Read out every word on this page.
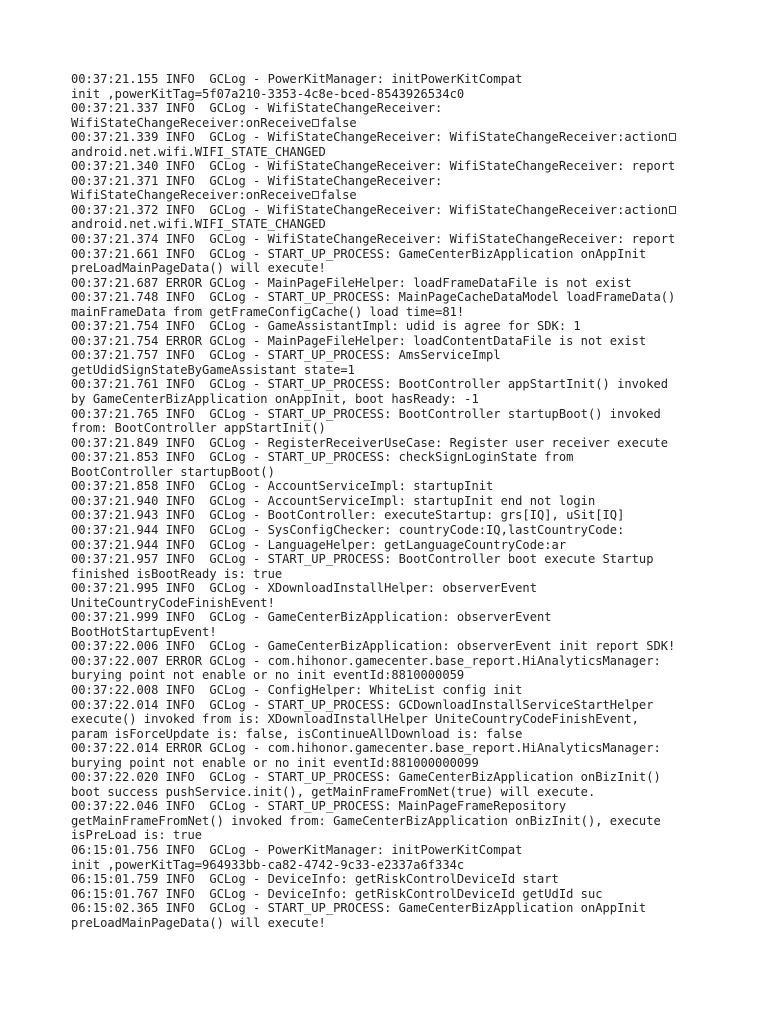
00:37:21.155 INFO  GCLog - PowerKitManager: initPowerKitCompat
init ,powerKitTag=5f07a210-3353-4c8e-bced-8543926534c0
00:37:21.337 INFO  GCLog - WifiStateChangeReceiver:
WifiStateChangeReceiver:onReceive false
00:37:21.339 INFO  GCLog - WifiStateChangeReceiver: WifiStateChangeReceiver:action
android.net.wifi.WIFI_STATE_CHANGED
00:37:21.340 INFO  GCLog - WifiStateChangeReceiver: WifiStateChangeReceiver: report
00:37:21.371 INFO  GCLog - WifiStateChangeReceiver:
WifiStateChangeReceiver:onReceive false
00:37:21.372 INFO  GCLog - WifiStateChangeReceiver: WifiStateChangeReceiver:action
android.net.wifi.WIFI_STATE_CHANGED
00:37:21.374 INFO  GCLog - WifiStateChangeReceiver: WifiStateChangeReceiver: report
00:37:21.661 INFO  GCLog - START_UP_PROCESS: GameCenterBizApplication onAppInit
preLoadMainPageData() will execute!
00:37:21.687 ERROR GCLog - MainPageFileHelper: loadFrameDataFile is not exist
00:37:21.748 INFO  GCLog - START_UP_PROCESS: MainPageCacheDataModel loadFrameData()
mainFrameData from getFrameConfigCache() load time=81!
00:37:21.754 INFO  GCLog - GameAssistantImpl: udid is agree for SDK: 1
00:37:21.754 ERROR GCLog - MainPageFileHelper: loadContentDataFile is not exist
00:37:21.757 INFO  GCLog - START_UP_PROCESS: AmsServiceImpl
getUdidSignStateByGameAssistant state=1
00:37:21.761 INFO  GCLog - START_UP_PROCESS: BootController appStartInit() invoked
by GameCenterBizApplication onAppInit, boot hasReady: -1
00:37:21.765 INFO  GCLog - START_UP_PROCESS: BootController startupBoot() invoked
from: BootController appStartInit()
00:37:21.849 INFO  GCLog - RegisterReceiverUseCase: Register user receiver execute
00:37:21.853 INFO  GCLog - START_UP_PROCESS: checkSignLoginState from
BootController startupBoot()
00:37:21.858 INFO  GCLog - AccountServiceImpl: startupInit
00:37:21.940 INFO  GCLog - AccountServiceImpl: startupInit end not login
00:37:21.943 INFO  GCLog - BootController: executeStartup: grs[IQ], uSit[IQ]
00:37:21.944 INFO  GCLog - SysConfigChecker: countryCode:IQ,lastCountryCode:
00:37:21.944 INFO  GCLog - LanguageHelper: getLanguageCountryCode:ar
00:37:21.957 INFO  GCLog - START_UP_PROCESS: BootController boot execute Startup
finished isBootReady is: true
00:37:21.995 INFO  GCLog - XDownloadInstallHelper: observerEvent
UniteCountryCodeFinishEvent!
00:37:21.999 INFO  GCLog - GameCenterBizApplication: observerEvent
BootHotStartupEvent!
00:37:22.006 INFO  GCLog - GameCenterBizApplication: observerEvent init report SDK!
00:37:22.007 ERROR GCLog - com.hihonor.gamecenter.base_report.HiAnalyticsManager:
burying point not enable or no init eventId:8810000059
00:37:22.008 INFO  GCLog - ConfigHelper: WhiteList config init
00:37:22.014 INFO  GCLog - START_UP_PROCESS: GCDownloadInstallServiceStartHelper
execute() invoked from is: XDownloadInstallHelper UniteCountryCodeFinishEvent,
param isForceUpdate is: false, isContinueAllDownload is: false
00:37:22.014 ERROR GCLog - com.hihonor.gamecenter.base_report.HiAnalyticsManager:
burying point not enable or no init eventId:881000000099
00:37:22.020 INFO  GCLog - START_UP_PROCESS: GameCenterBizApplication onBizInit()
boot success pushService.init(), getMainFrameFromNet(true) will execute.
00:37:22.046 INFO  GCLog - START_UP_PROCESS: MainPageFrameRepository
getMainFrameFromNet() invoked from: GameCenterBizApplication onBizInit(), execute
isPreLoad is: true
06:15:01.756 INFO  GCLog - PowerKitManager: initPowerKitCompat
init ,powerKitTag=964933bb-ca82-4742-9c33-e2337a6f334c
06:15:01.759 INFO  GCLog - DeviceInfo: getRiskControlDeviceId start
06:15:01.767 INFO  GCLog - DeviceInfo: getRiskControlDeviceId getUdId suc
06:15:02.365 INFO  GCLog - START_UP_PROCESS: GameCenterBizApplication onAppInit
preLoadMainPageData() will execute!
